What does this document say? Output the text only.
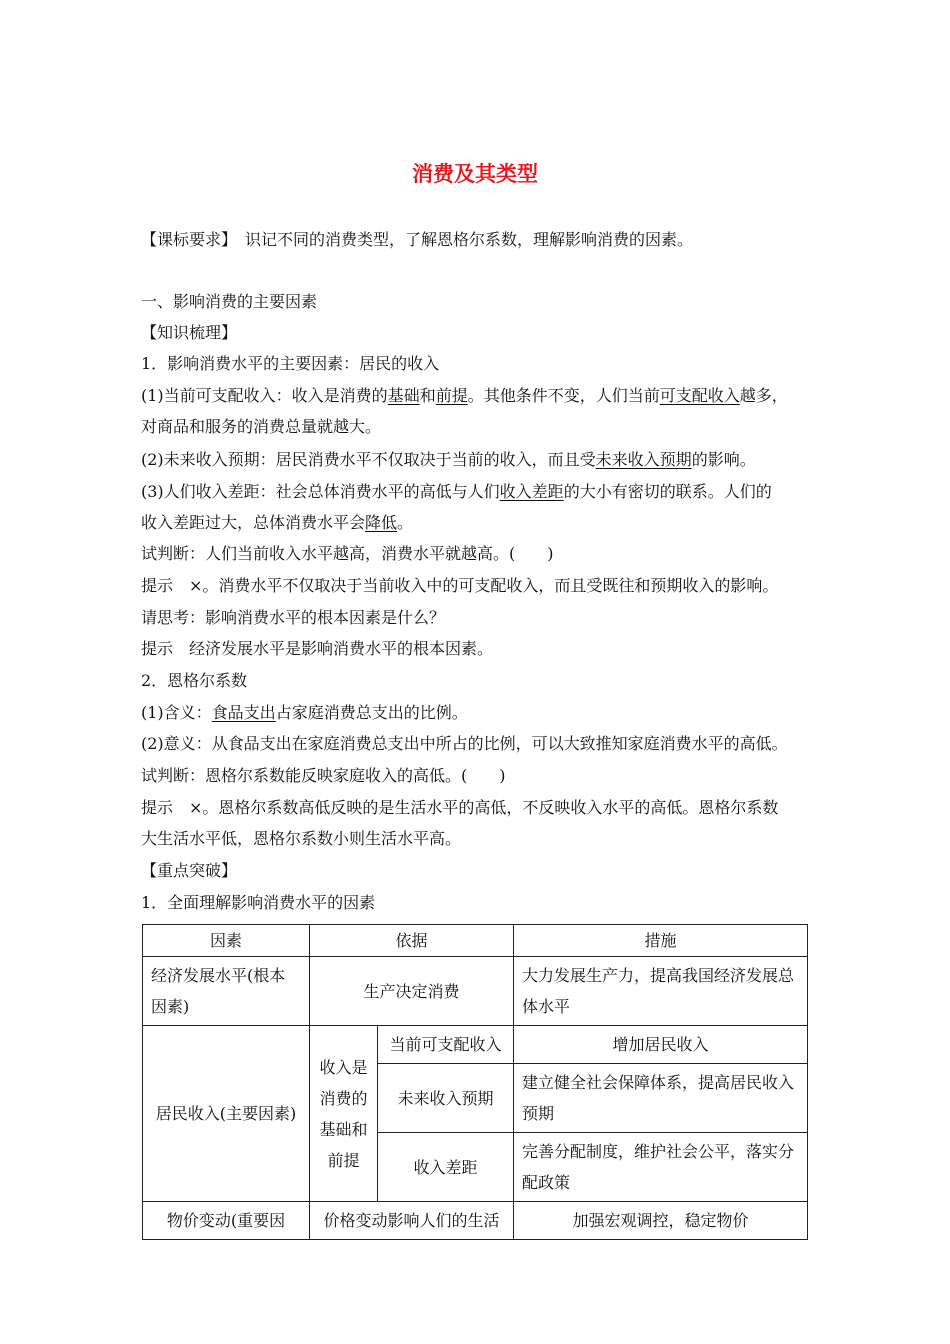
消费及其类型
【课标要求】 识记不同的消费类型，了解恩格尔系数，理解影响消费的因素。
一、影响消费的主要因素
【知识梳理】
1．影响消费水平的主要因素：居民的收入
(1)当前可支配收入：收入是消费的基础和前提。其他条件不变，人们当前可支配收入越多，
对商品和服务的消费总量就越大。
(2)未来收入预期：居民消费水平不仅取决于当前的收入，而且受未来收入预期的影响。
(3)人们收入差距：社会总体消费水平的高低与人们收入差距的大小有密切的联系。人们的
收入差距过大，总体消费水平会降低。
试判断：人们当前收入水平越高，消费水平就越高。(　　)
提示　×。消费水平不仅取决于当前收入中的可支配收入，而且受既往和预期收入的影响。
请思考：影响消费水平的根本因素是什么？
提示　经济发展水平是影响消费水平的根本因素。
2．恩格尔系数
(1)含义：食品支出占家庭消费总支出的比例。
(2)意义：从食品支出在家庭消费总支出中所占的比例，可以大致推知家庭消费水平的高低。
试判断：恩格尔系数能反映家庭收入的高低。(　　)
提示　×。恩格尔系数高低反映的是生活水平的高低，不反映收入水平的高低。恩格尔系数
大生活水平低，恩格尔系数小则生活水平高。
【重点突破】
1．全面理解影响消费水平的因素
因素	依据		措施
经济发展水平(根本因素)	生产决定消费		大力发展生产力，提高我国经济发展总体水平
居民收入(主要因素)	收入是消费的基础和前提	当前可支配收入	增加居民收入
		未来收入预期	建立健全社会保障体系，提高居民收入预期
		收入差距	完善分配制度，维护社会公平，落实分配政策
物价变动(重要因	价格变动影响人们的生活		加强宏观调控，稳定物价
